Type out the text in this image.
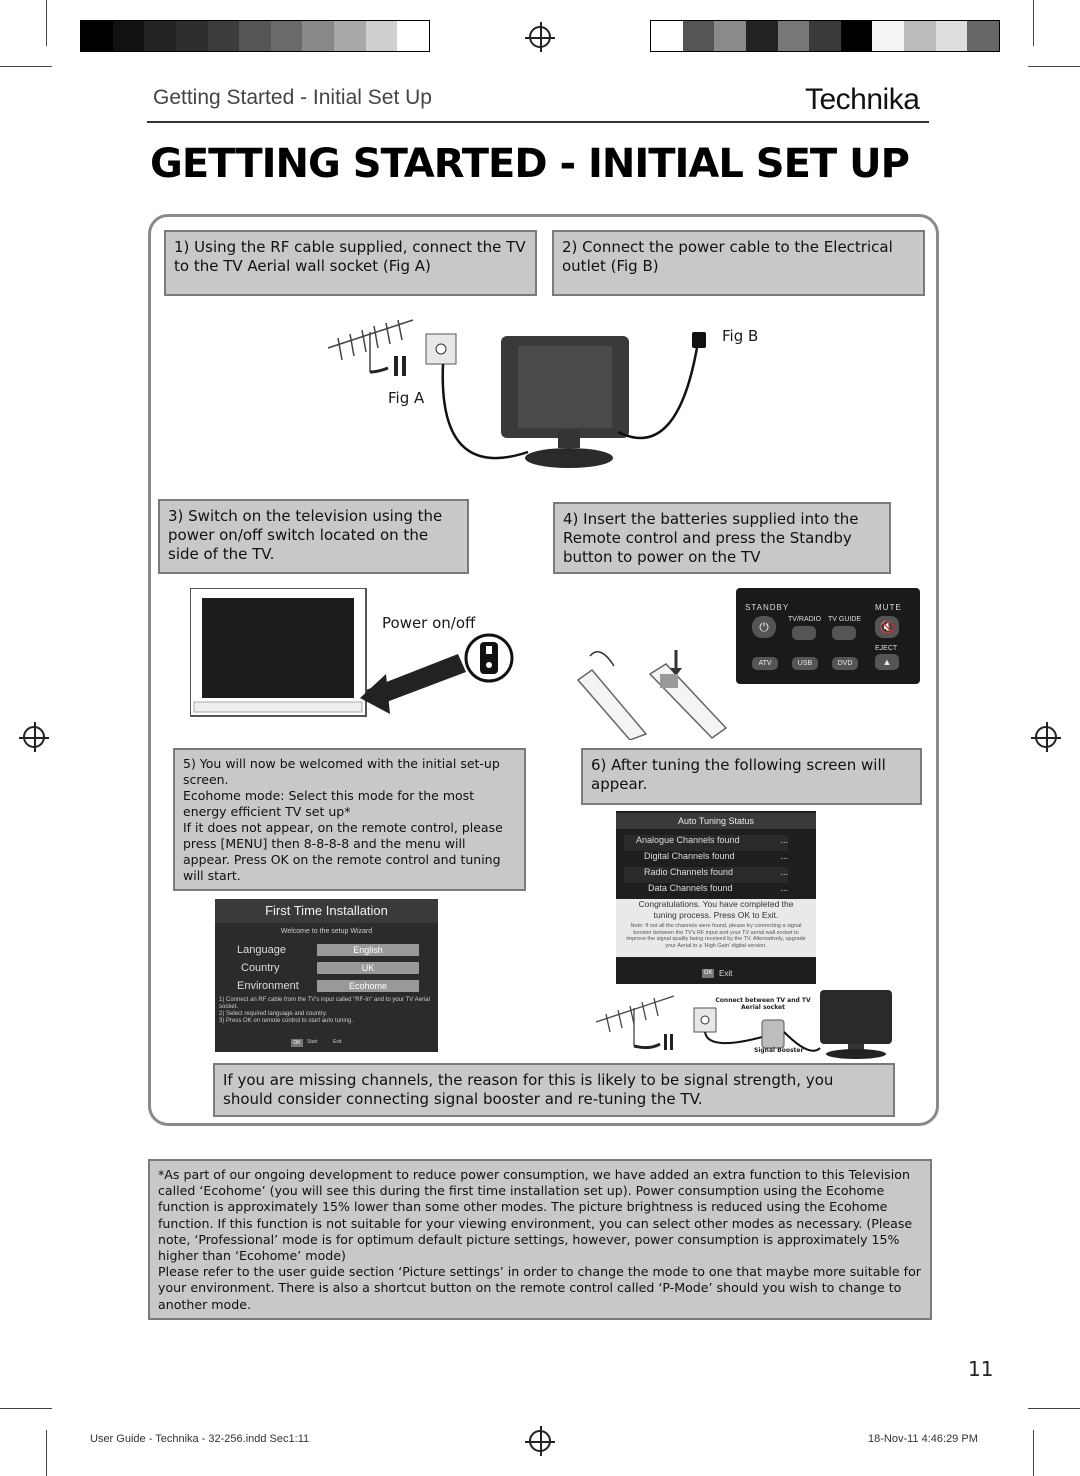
Getting Started - Initial Set Up	Technika
GETTING STARTED - INITIAL SET UP
1) Using the RF cable supplied, connect the TV to the TV Aerial wall socket (Fig A)
2) Connect the power cable to the Electrical outlet (Fig B)
Fig A
Fig B
3) Switch on the television using the power on/off switch located on the side of the TV.
4) Insert the batteries supplied into the Remote control and press the Standby button to power on the TV
Power on/off
STANDBY	MUTE
⏻
TV/RADIO TV GUIDE
🔇
EJECT
ATV	USB	DVD	▲
5) You will now be welcomed with the initial set-up screen.
Ecohome mode: Select this mode for the most energy efficient TV set up*
If it does not appear, on the remote control, please press [MENU] then 8-8-8-8 and the menu will appear. Press OK on the remote control and tuning will start.
6) After tuning the following screen will appear.
First Time Installation
Welcome to the setup Wizard
Language	English
Country	UK
Environment	Ecohome
1) Connect an RF cable from the TV's input called "RF-In" and to your TV Aerial socket.
2) Select required language and country.
3) Press OK on remote control to start auto tuning.
OK	Start	Exit
Auto Tuning Status
Analogue Channels found	...
Digital Channels found	...
Radio Channels found	...
Data Channels found	...
Congratulations. You have completed the tuning process. Press OK to Exit.
Note: If not all the channels were found, please try connecting a signal booster between the TV's RF input and your TV aerial wall socket to improve the signal quality being received by the TV. Alternatively, upgrade your Aerial to a 'High Gain' digital version.
OK Exit
Connect between TV and TV Aerial socket
Signal Booster
If you are missing channels, the reason for this is likely to be signal strength, you should consider connecting signal booster and re-tuning the TV.
*As part of our ongoing development to reduce power consumption, we have added an extra function to this Television called ‘Ecohome’ (you will see this during the first time installation set up). Power consumption using the Ecohome function is approximately 15% lower than some other modes. The picture brightness is reduced using the Ecohome function. If this function is not suitable for your viewing environment, you can select other modes as necessary. (Please note, ‘Professional’ mode is for optimum default picture settings, however, power consumption is approximately 15% higher than ‘Ecohome’ mode)
Please refer to the user guide section ‘Picture settings’ in order to change the mode to one that maybe more suitable for your environment. There is also a shortcut button on the remote control called ‘P-Mode’ should you wish to change to another mode.
11
User Guide - Technika - 32-256.indd Sec1:11	18-Nov-11 4:46:29 PM
